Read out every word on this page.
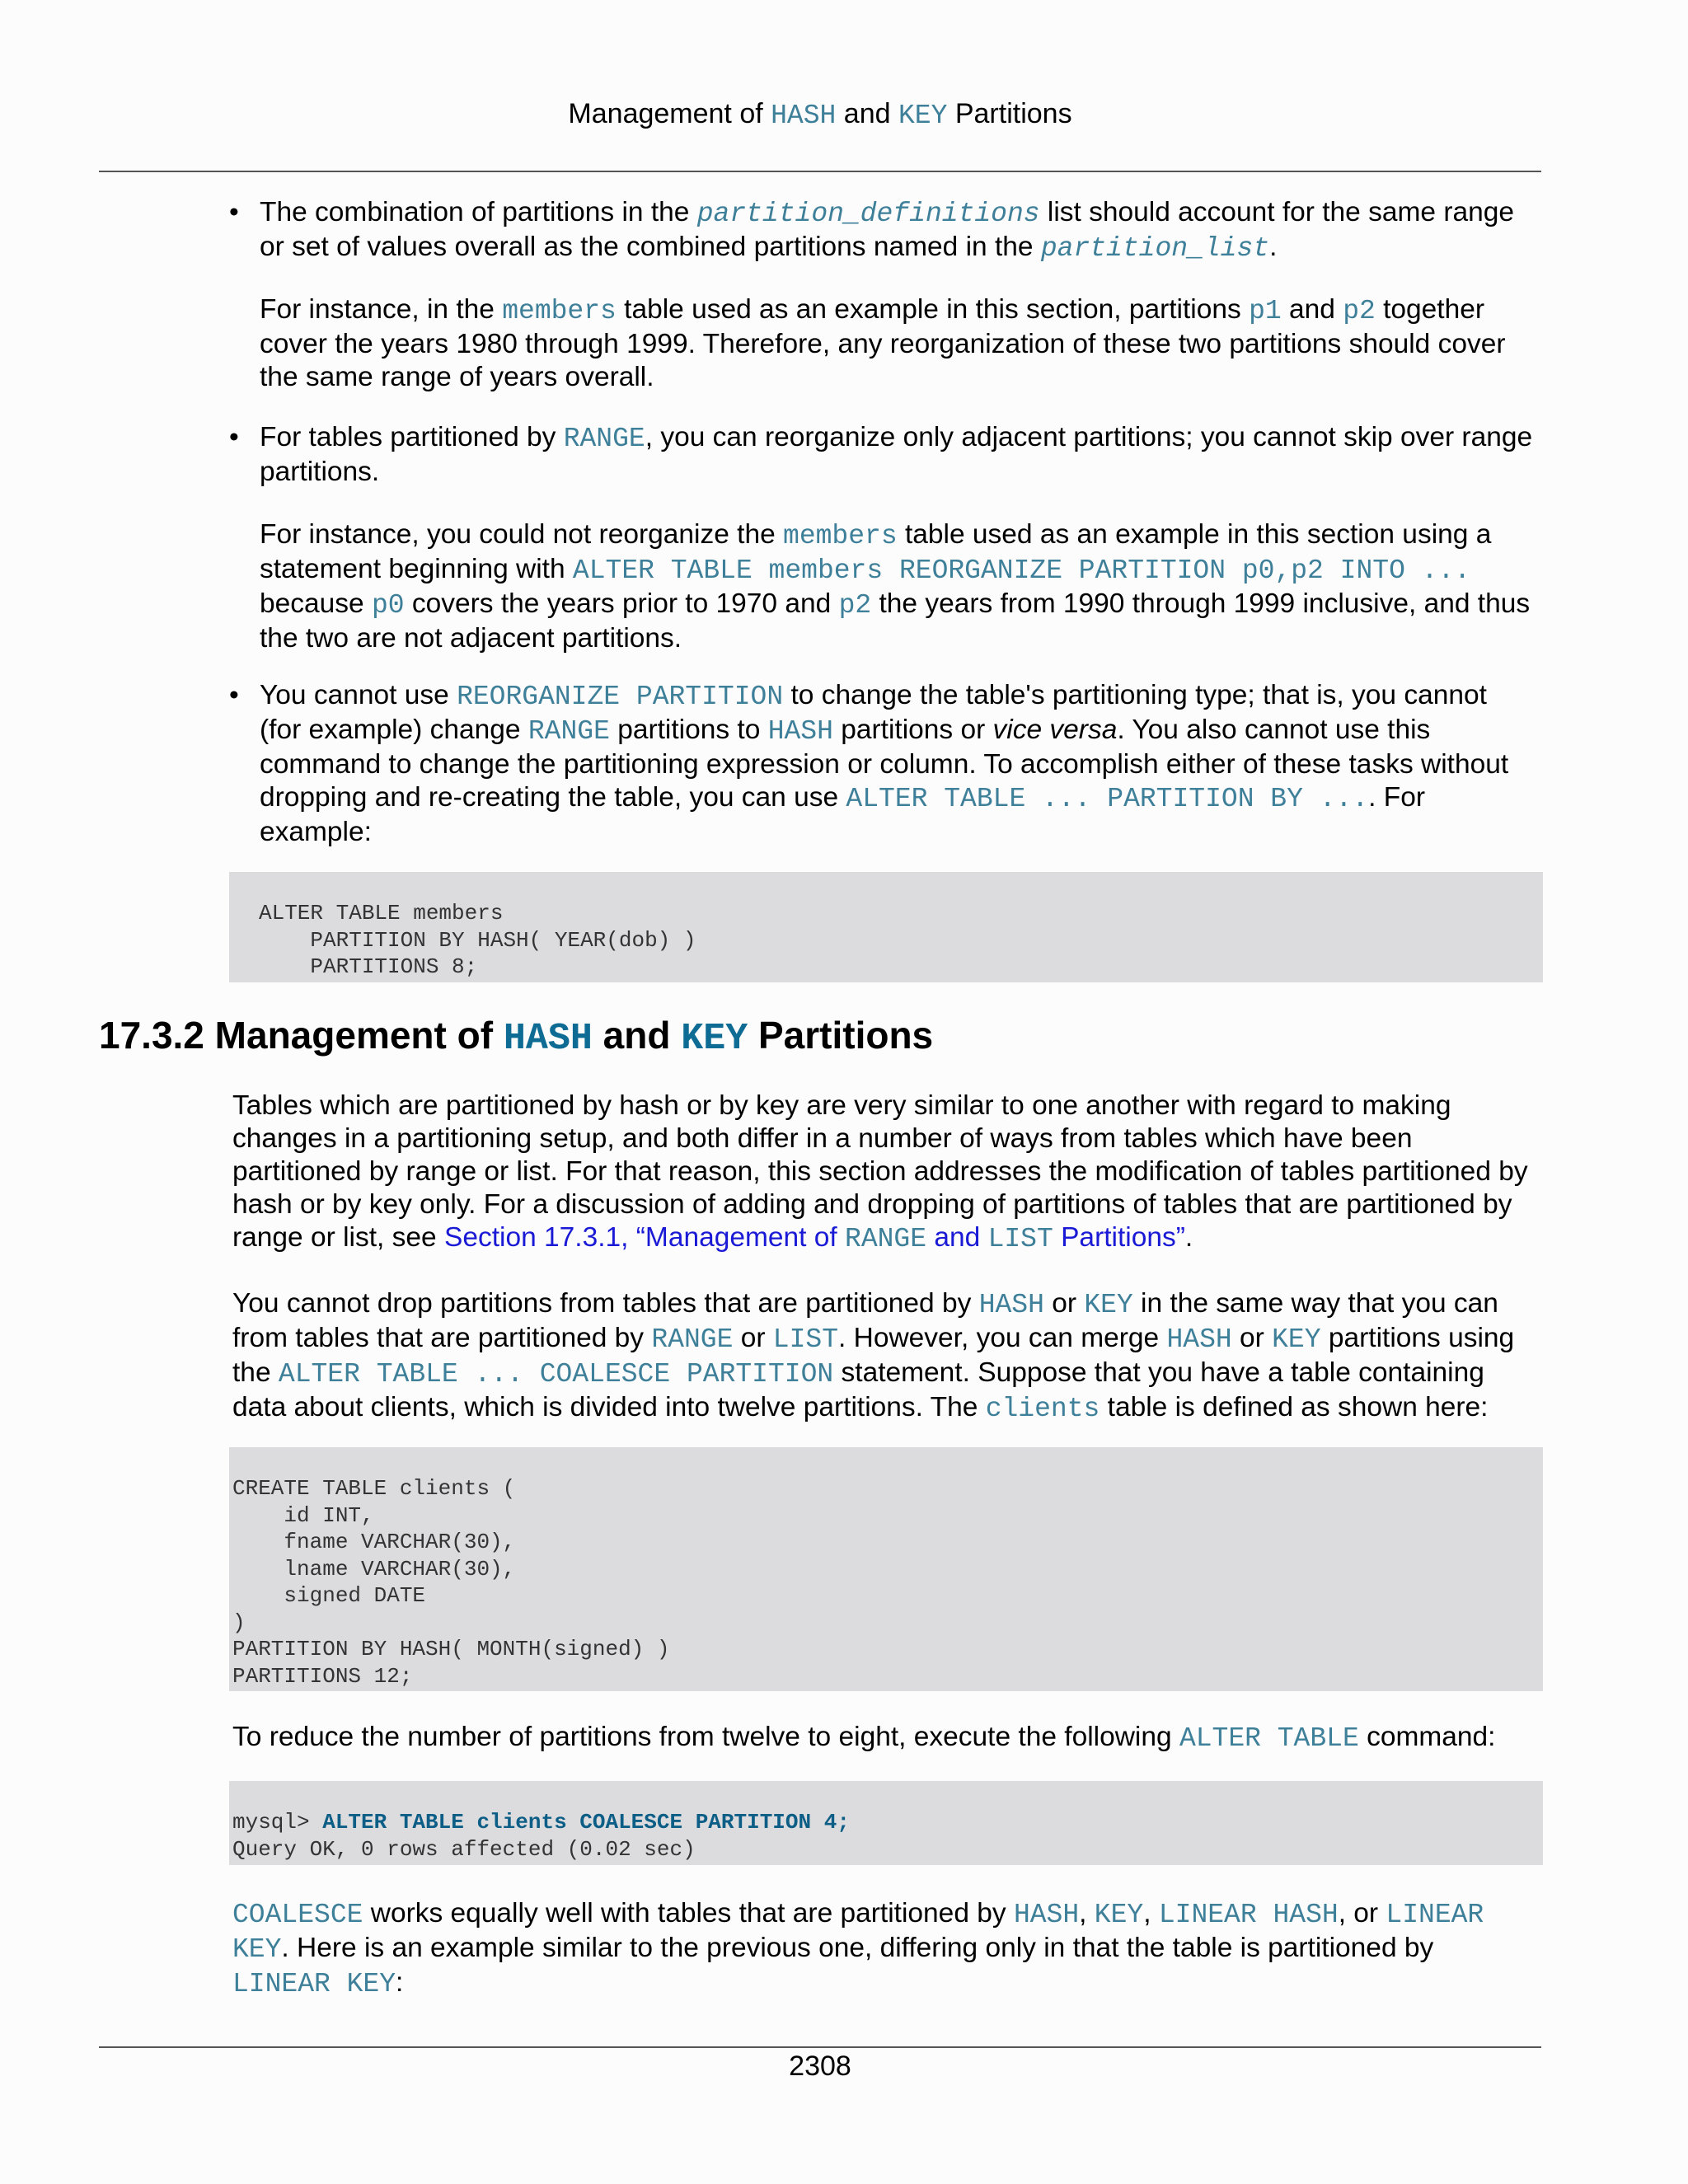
Management of HASH and KEY Partitions
• The combination of partitions in the partition_definitions list should account for the same range
or set of values overall as the combined partitions named in the partition_list.

For instance, in the members table used as an example in this section, partitions p1 and p2 together
cover the years 1980 through 1999. Therefore, any reorganization of these two partitions should cover
the same range of years overall.

• For tables partitioned by RANGE, you can reorganize only adjacent partitions; you cannot skip over range
partitions.

For instance, you could not reorganize the members table used as an example in this section using a
statement beginning with ALTER TABLE members REORGANIZE PARTITION p0,p2 INTO ...
because p0 covers the years prior to 1970 and p2 the years from 1990 through 1999 inclusive, and thus
the two are not adjacent partitions.

• You cannot use REORGANIZE PARTITION to change the table's partitioning type; that is, you cannot
(for example) change RANGE partitions to HASH partitions or vice versa. You also cannot use this
command to change the partitioning expression or column. To accomplish either of these tasks without
dropping and re-creating the table, you can use ALTER TABLE ... PARTITION BY .... For
example:

ALTER TABLE members
PARTITION BY HASH( YEAR(dob) )
PARTITIONS 8;
17.3.2 Management of HASH and KEY Partitions

Tables which are partitioned by hash or by key are very similar to one another with regard to making
changes in a partitioning setup, and both differ in a number of ways from tables which have been
partitioned by range or list. For that reason, this section addresses the modification of tables partitioned by
hash or by key only. For a discussion of adding and dropping of partitions of tables that are partitioned by
range or list, see Section 17.3.1, “Management of RANGE and LIST Partitions”.

You cannot drop partitions from tables that are partitioned by HASH or KEY in the same way that you can
from tables that are partitioned by RANGE or LIST. However, you can merge HASH or KEY partitions using
the ALTER TABLE ... COALESCE PARTITION statement. Suppose that you have a table containing
data about clients, which is divided into twelve partitions. The clients table is defined as shown here:

CREATE TABLE clients (
id INT,
fname VARCHAR(30),
lname VARCHAR(30),
signed DATE
)
PARTITION BY HASH( MONTH(signed) )
PARTITIONS 12;

To reduce the number of partitions from twelve to eight, execute the following ALTER TABLE command:

mysql> ALTER TABLE clients COALESCE PARTITION 4;
Query OK, 0 rows affected (0.02 sec)

COALESCE works equally well with tables that are partitioned by HASH, KEY, LINEAR HASH, or LINEAR
KEY. Here is an example similar to the previous one, differing only in that the table is partitioned by
LINEAR KEY:

2308
